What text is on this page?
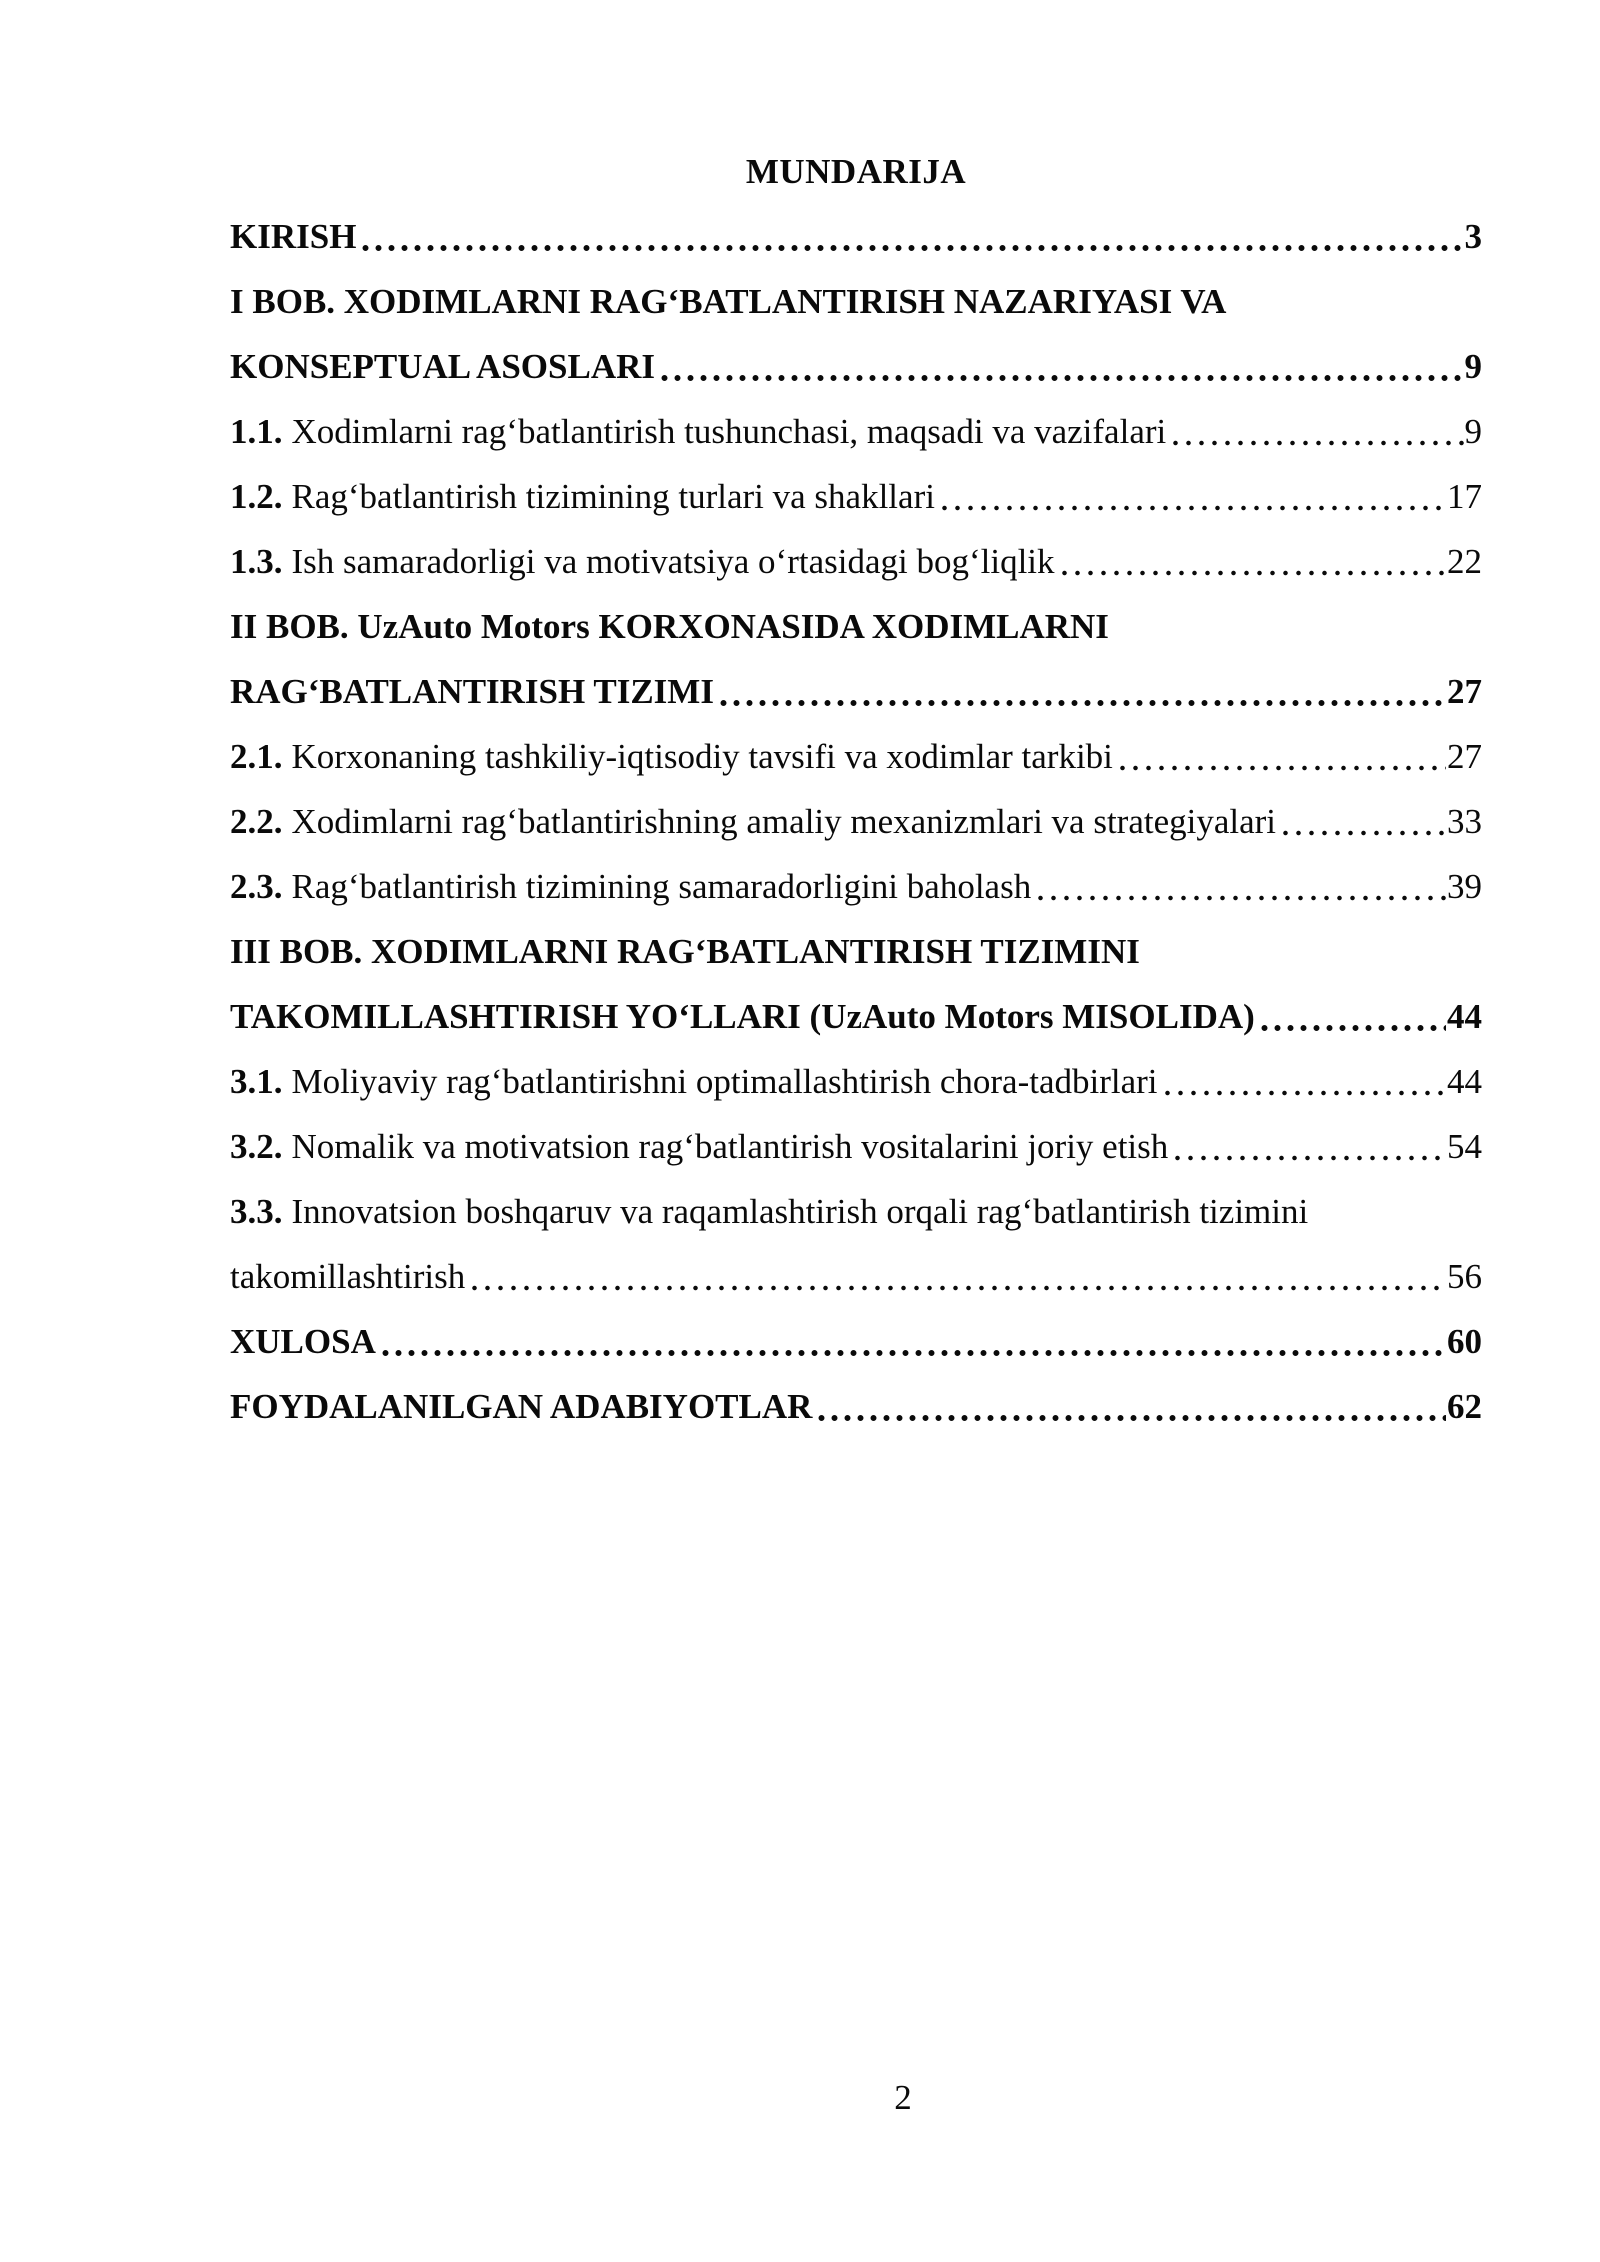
MUNDARIJA
KIRISH	3
I BOB. XODIMLARNI RAG‘BATLANTIRISH NAZARIYASI VA
KONSEPTUAL ASOSLARI	9
1.1. Xodimlarni rag‘batlantirish tushunchasi, maqsadi va vazifalari	9
1.2. Rag‘batlantirish tizimining turlari va shakllari	17
1.3. Ish samaradorligi va motivatsiya o‘rtasidagi bog‘liqlik	22
II BOB. UzAuto Motors KORXONASIDA XODIMLARNI
RAG‘BATLANTIRISH TIZIMI	27
2.1. Korxonaning tashkiliy-iqtisodiy tavsifi va xodimlar tarkibi	27
2.2. Xodimlarni rag‘batlantirishning amaliy mexanizmlari va strategiyalari	33
2.3. Rag‘batlantirish tizimining samaradorligini baholash	39
III BOB. XODIMLARNI RAG‘BATLANTIRISH TIZIMINI
TAKOMILLASHTIRISH YO‘LLARI (UzAuto Motors MISOLIDA)	44
3.1. Moliyaviy rag‘batlantirishni optimallashtirish chora-tadbirlari	44
3.2. Nomalik va motivatsion rag‘batlantirish vositalarini joriy etish	54
3.3. Innovatsion boshqaruv va raqamlashtirish orqali rag‘batlantirish tizimini
takomillashtirish	56
XULOSA	60
FOYDALANILGAN ADABIYOTLAR	62
2
